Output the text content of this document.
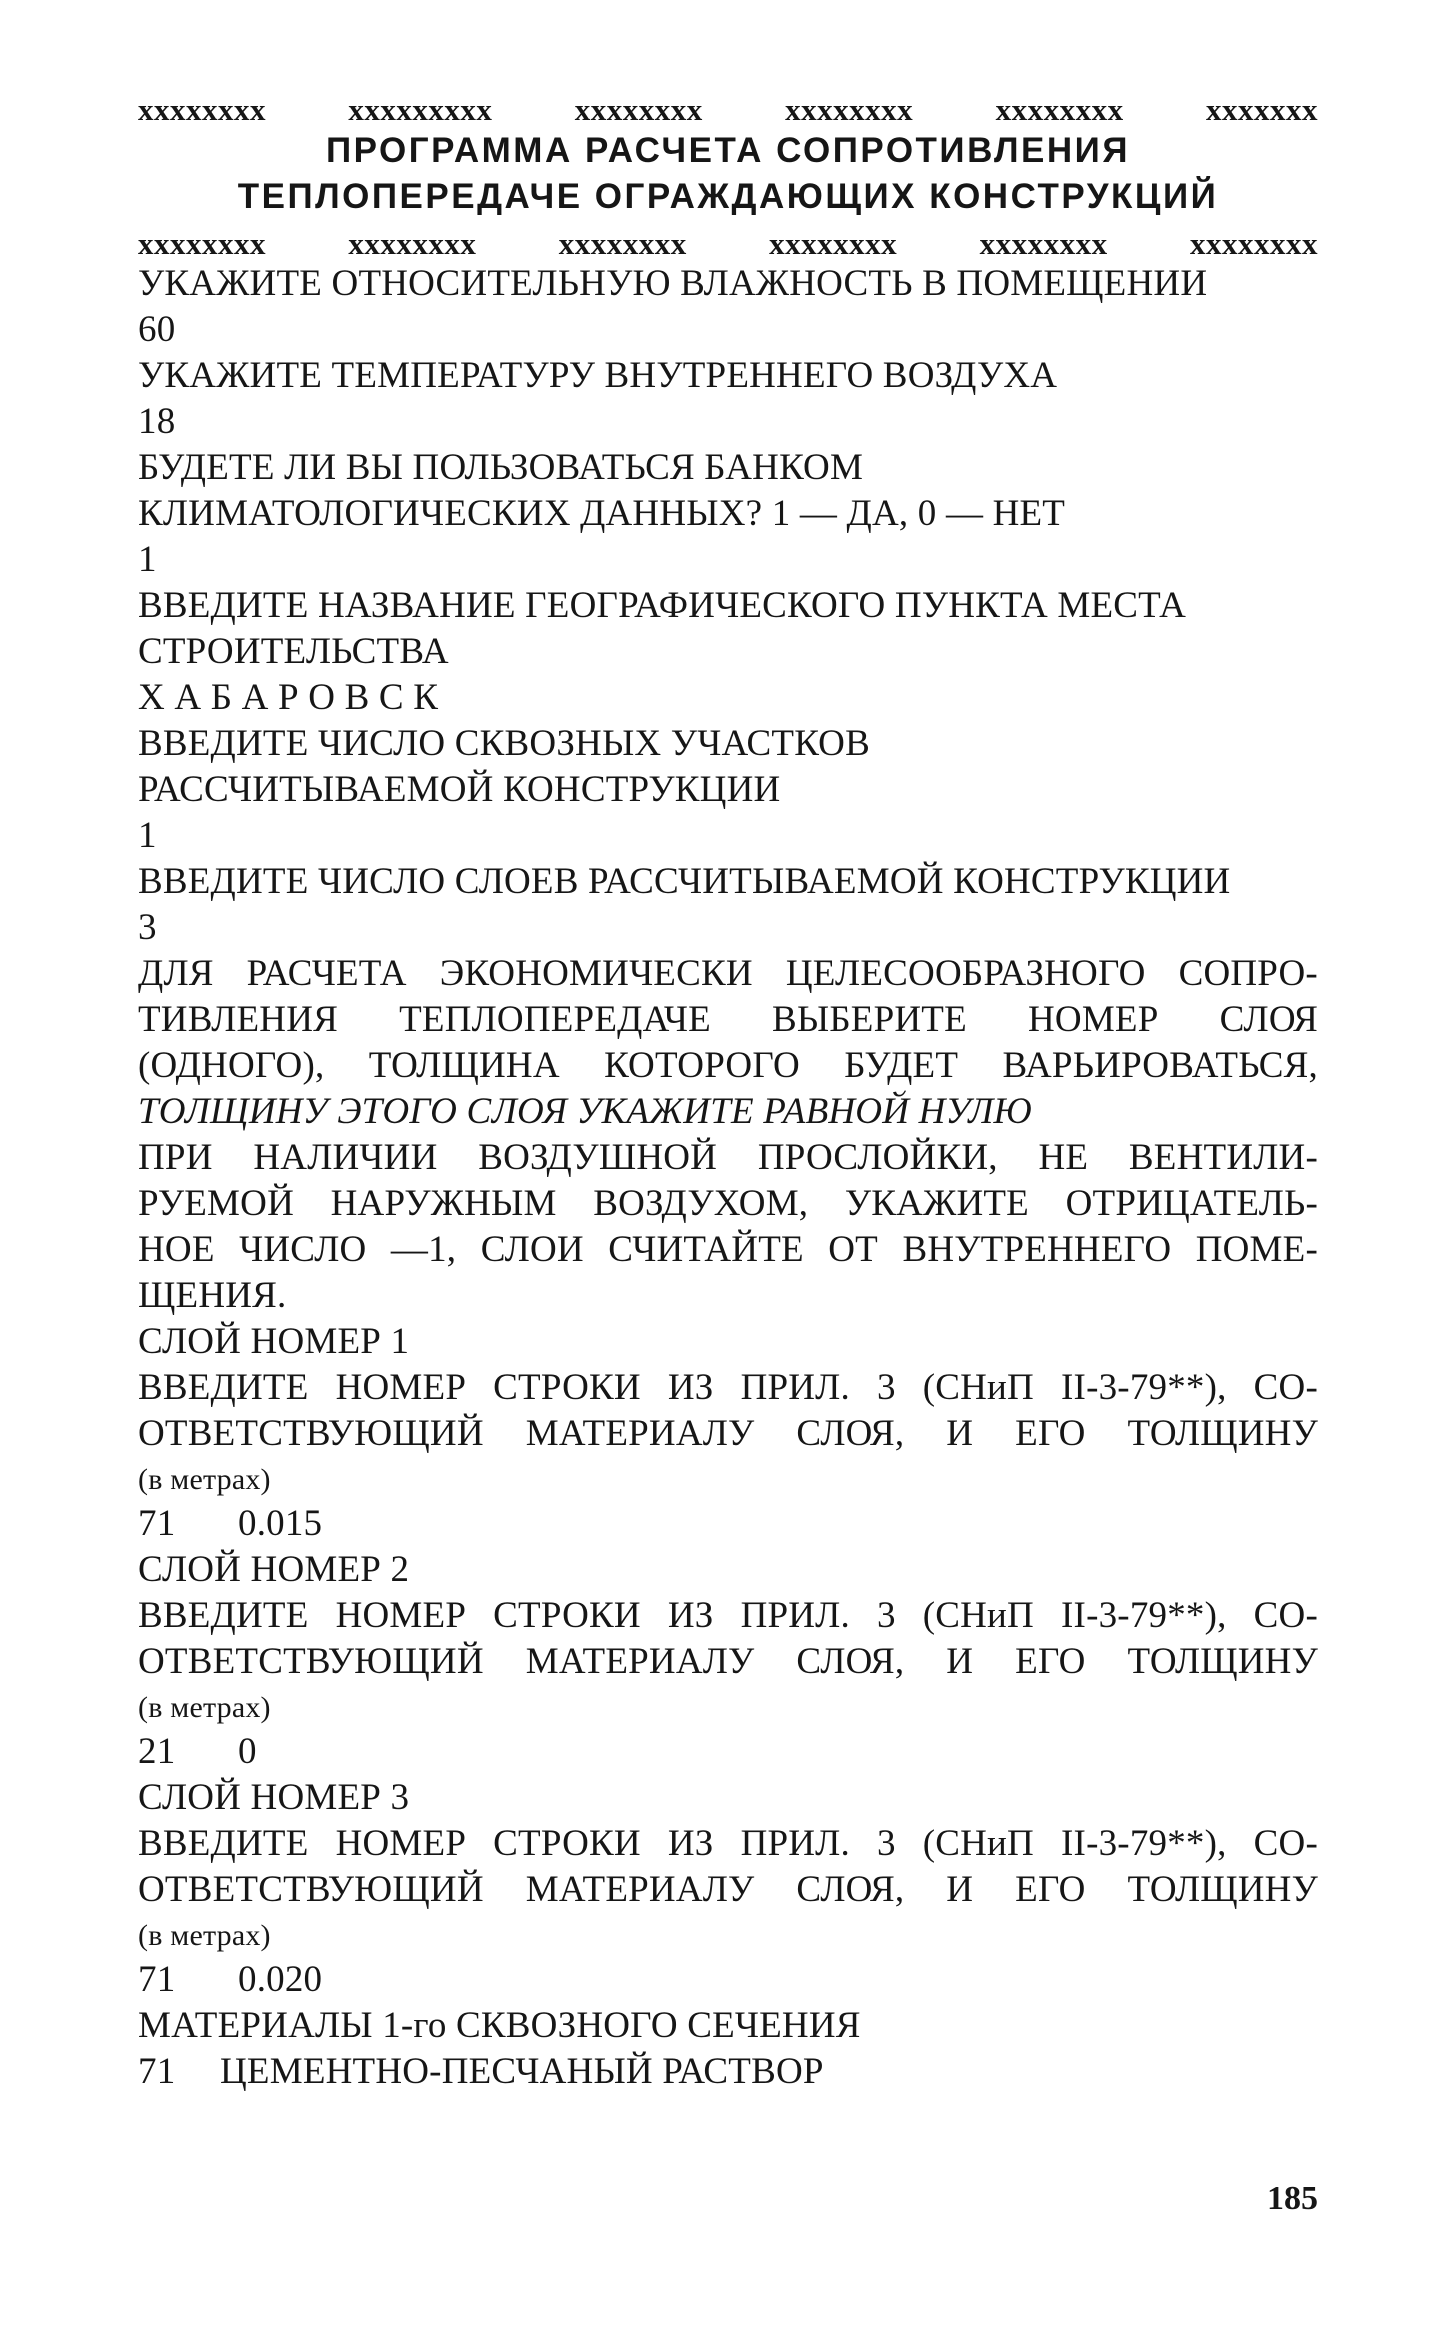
xxxxxxxx	xxxxxxxxx	xxxxxxxx	xxxxxxxx	xxxxxxxx	xxxxxxx
ПРОГРАММА РАСЧЕТА СОПРОТИВЛЕНИЯ
ТЕПЛОПЕРЕДАЧЕ ОГРАЖДАЮЩИХ КОНСТРУКЦИЙ
xxxxxxxx	xxxxxxxx	xxxxxxxx	xxxxxxxx	xxxxxxxx	xxxxxxxx
УКАЖИТЕ ОТНОСИТЕЛЬНУЮ ВЛАЖНОСТЬ В ПОМЕЩЕНИИ
60
УКАЖИТЕ ТЕМПЕРАТУРУ ВНУТРЕННЕГО ВОЗДУХА
18
БУДЕТЕ ЛИ ВЫ ПОЛЬЗОВАТЬСЯ БАНКОМ
КЛИМАТОЛОГИЧЕСКИХ ДАННЫХ? 1 — ДА, 0 — НЕТ
1
ВВЕДИТЕ НАЗВАНИЕ ГЕОГРАФИЧЕСКОГО ПУНКТА МЕСТА
СТРОИТЕЛЬСТВА
Х А Б А Р О В С К
ВВЕДИТЕ ЧИСЛО СКВОЗНЫХ УЧАСТКОВ
РАССЧИТЫВАЕМОЙ КОНСТРУКЦИИ
1
ВВЕДИТЕ ЧИСЛО СЛОЕВ РАССЧИТЫВАЕМОЙ КОНСТРУКЦИИ
3
ДЛЯ РАСЧЕТА ЭКОНОМИЧЕСКИ ЦЕЛЕСООБРАЗНОГО СОПРО-
ТИВЛЕНИЯ ТЕПЛОПЕРЕДАЧЕ ВЫБЕРИТЕ НОМЕР СЛОЯ
(ОДНОГО), ТОЛЩИНА КОТОРОГО БУДЕТ ВАРЬИРОВАТЬСЯ,
ТОЛЩИНУ ЭТОГО СЛОЯ УКАЖИТЕ РАВНОЙ НУЛЮ
ПРИ НАЛИЧИИ ВОЗДУШНОЙ ПРОСЛОЙКИ, НЕ ВЕНТИЛИ-
РУЕМОЙ НАРУЖНЫМ ВОЗДУХОМ, УКАЖИТЕ ОТРИЦАТЕЛЬ-
НОЕ ЧИСЛО —1, СЛОИ СЧИТАЙТЕ ОТ ВНУТРЕННЕГО ПОМЕ-
ЩЕНИЯ.
СЛОЙ НОМЕР 1
ВВЕДИТЕ НОМЕР СТРОКИ ИЗ ПРИЛ. 3 (СНиП II-3-79**), СО-
ОТВЕТСТВУЮЩИЙ МАТЕРИАЛУ СЛОЯ, И ЕГО ТОЛЩИНУ
(в метрах)
71	0.015
СЛОЙ НОМЕР 2
ВВЕДИТЕ НОМЕР СТРОКИ ИЗ ПРИЛ. 3 (СНиП II-3-79**), СО-
ОТВЕТСТВУЮЩИЙ МАТЕРИАЛУ СЛОЯ, И ЕГО ТОЛЩИНУ
(в метрах)
21	0
СЛОЙ НОМЕР 3
ВВЕДИТЕ НОМЕР СТРОКИ ИЗ ПРИЛ. 3 (СНиП II-3-79**), СО-
ОТВЕТСТВУЮЩИЙ МАТЕРИАЛУ СЛОЯ, И ЕГО ТОЛЩИНУ
(в метрах)
71	0.020
МАТЕРИАЛЫ 1-го СКВОЗНОГО СЕЧЕНИЯ
71	ЦЕМЕНТНО-ПЕСЧАНЫЙ РАСТВОР
185
